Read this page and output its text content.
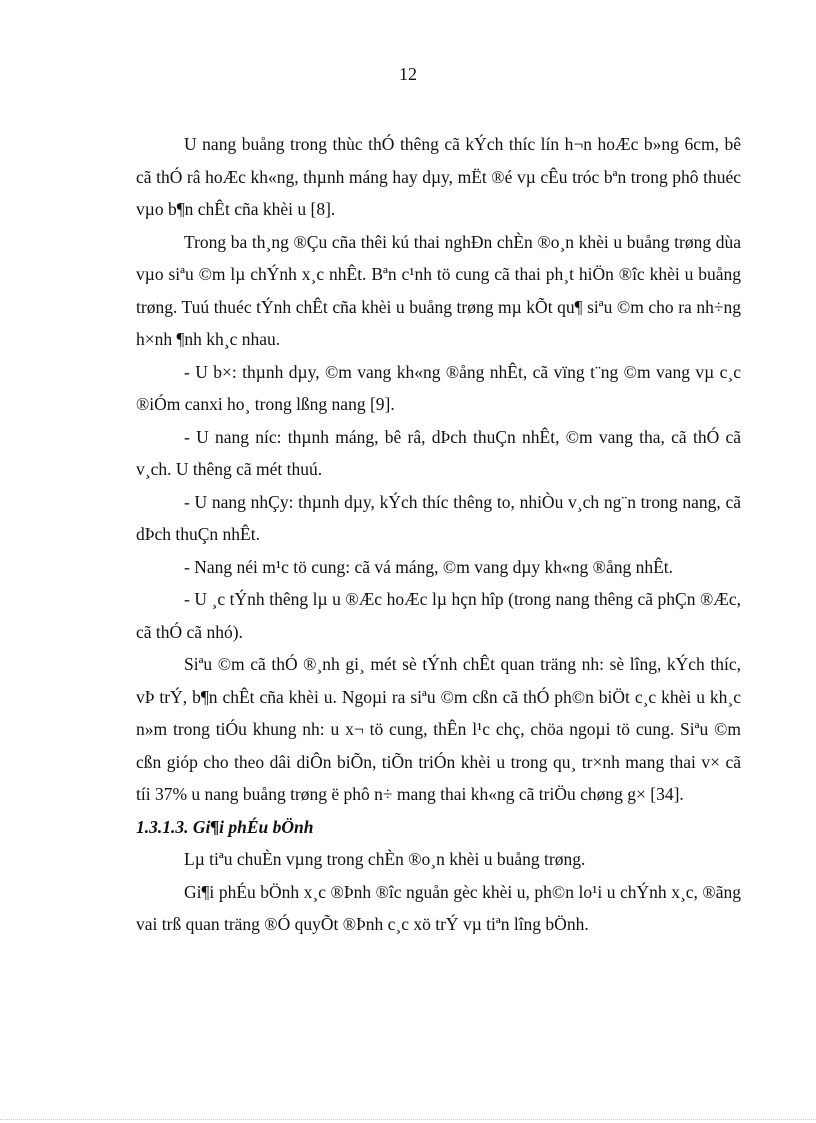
12

U nang buång trong thùc thÓ thêng cã kÝch thíc lín h¬n hoÆc b»ng 6cm, bê cã thÓ râ hoÆc kh«ng, thµnh máng hay dµy, mËt ®é vµ cÊu tróc bªn trong phô thuéc vµo b¶n chÊt cña khèi u [8].

Trong ba th¸ng ®Çu cña thêi kú thai nghÐn chÈn ®o¸n khèi u buång trøng dùa vµo siªu ©m lµ chÝnh x¸c nhÊt. Bªn c¹nh tö cung cã thai ph¸t hiÖn ®îc khèi u buång trøng. Tuú thuéc tÝnh chÊt cña khèi u buång trøng mµ kÕt qu¶ siªu ©m cho ra nh÷ng h×nh ¶nh kh¸c nhau.

- U b×: thµnh dµy, ©m vang kh«ng ®ång nhÊt, cã vïng t¨ng ©m vang vµ c¸c ®iÓm canxi ho¸ trong lßng nang [9].

- U nang níc: thµnh máng, bê râ, dÞch thuÇn nhÊt, ©m vang tha, cã thÓ cã v¸ch. U thêng cã mét thuú.

- U nang nhÇy: thµnh dµy, kÝch thíc thêng to, nhiÒu v¸ch ng¨n trong nang, cã dÞch thuÇn nhÊt.

- Nang néi m¹c tö cung: cã vá máng, ©m vang dµy kh«ng ®ång nhÊt.

- U ¸c tÝnh thêng lµ u ®Æc hoÆc lµ hçn hîp (trong nang thêng cã phÇn ®Æc, cã thÓ cã nhó).

Siªu ©m cã thÓ ®¸nh gi¸ mét sè tÝnh chÊt quan träng nh: sè lîng, kÝch thíc, vÞ trÝ, b¶n chÊt cña khèi u. Ngoµi ra siªu ©m cßn cã thÓ ph©n biÖt c¸c khèi u kh¸c n»m trong tiÓu khung nh: u x¬ tö cung, thÊn l¹c chç, chöa ngoµi tö cung. Siªu ©m cßn gióp cho theo dâi diÔn biÕn, tiÕn triÓn khèi u trong qu¸ tr×nh mang thai v× cã tíi 37% u nang buång trøng ë phô n÷ mang thai kh«ng cã triÖu chøng g× [34].

1.3.1.3. Gi¶i phÉu bÖnh

Lµ tiªu chuÈn vµng trong chÈn ®o¸n khèi u buång trøng.

Gi¶i phÉu bÖnh x¸c ®Þnh ®îc nguån gèc khèi u, ph©n lo¹i u chÝnh x¸c, ®ãng vai trß quan träng ®Ó quyÕt ®Þnh c¸c xö trÝ vµ tiªn lîng bÖnh.
